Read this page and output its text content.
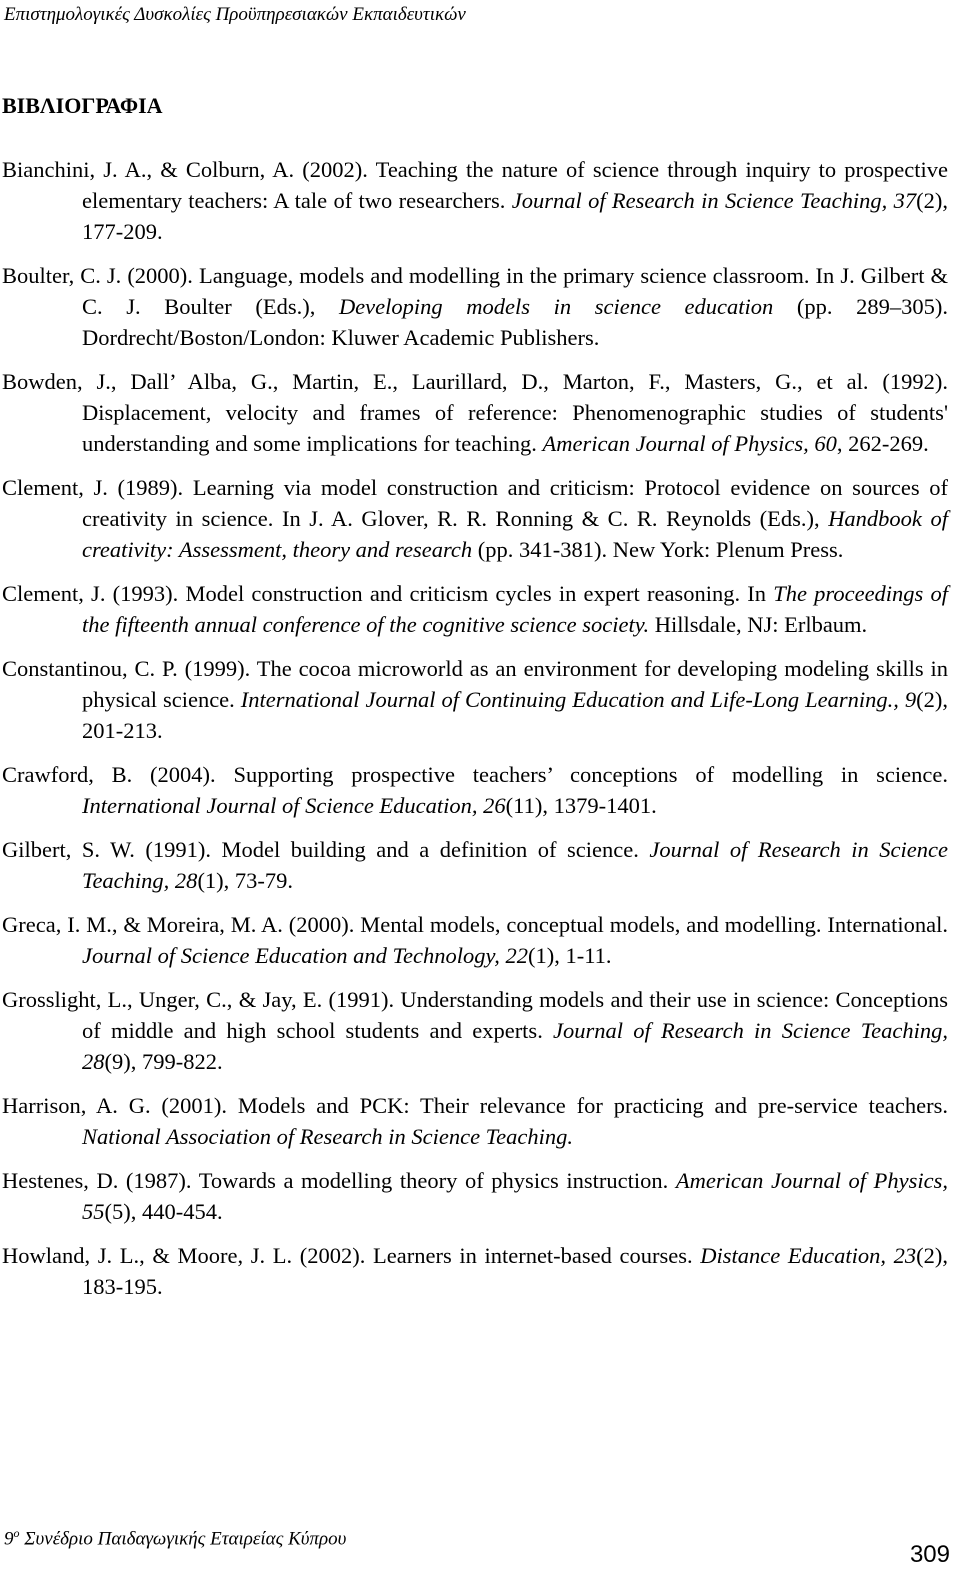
Επιστημολογικές Δυσκολίες Προϋπηρεσιακών Εκπαιδευτικών
ΒΙΒΛΙΟΓΡΑΦΙΑ

Bianchini, J. A., & Colburn, A. (2002). Teaching the nature of science through inquiry to prospective elementary teachers: A tale of two researchers. Journal of Research in Science Teaching, 37(2), 177-209.

Boulter, C. J. (2000). Language, models and modelling in the primary science classroom. In J. Gilbert & C. J. Boulter (Eds.), Developing models in science education (pp. 289–305). Dordrecht/Boston/London: Kluwer Academic Publishers.

Bowden, J., Dall’ Alba, G., Martin, E., Laurillard, D., Marton, F., Masters, G., et al. (1992). Displacement, velocity and frames of reference: Phenomenographic studies of students' understanding and some implications for teaching. American Journal of Physics, 60, 262-269.

Clement, J. (1989). Learning via model construction and criticism: Protocol evidence on sources of creativity in science. In J. A. Glover, R. R. Ronning & C. R. Reynolds (Eds.), Handbook of creativity: Assessment, theory and research (pp. 341-381). New York: Plenum Press.

Clement, J. (1993). Model construction and criticism cycles in expert reasoning. In The proceedings of the fifteenth annual conference of the cognitive science society. Hillsdale, NJ: Erlbaum.

Constantinou, C. P. (1999). The cocoa microworld as an environment for developing modeling skills in physical science. International Journal of Continuing Education and Life-Long Learning., 9(2), 201-213.

Crawford, B. (2004). Supporting prospective teachers’ conceptions of modelling in science. International Journal of Science Education, 26(11), 1379-1401.

Gilbert, S. W. (1991). Model building and a definition of science. Journal of Research in Science Teaching, 28(1), 73-79.

Greca, I. M., & Moreira, M. A. (2000). Mental models, conceptual models, and modelling. International. Journal of Science Education and Technology, 22(1), 1-11.

Grosslight, L., Unger, C., & Jay, E. (1991). Understanding models and their use in science: Conceptions of middle and high school students and experts. Journal of Research in Science Teaching, 28(9), 799-822.

Harrison, A. G. (2001). Models and PCK: Their relevance for practicing and pre-service teachers. National Association of Research in Science Teaching.

Hestenes, D. (1987). Towards a modelling theory of physics instruction. American Journal of Physics, 55(5), 440-454.

Howland, J. L., & Moore, J. L. (2002). Learners in internet-based courses. Distance Education, 23(2), 183-195.

$9^o$ Συνέδριο Παιδαγωγικής Εταιρείας Κύπρου
309
